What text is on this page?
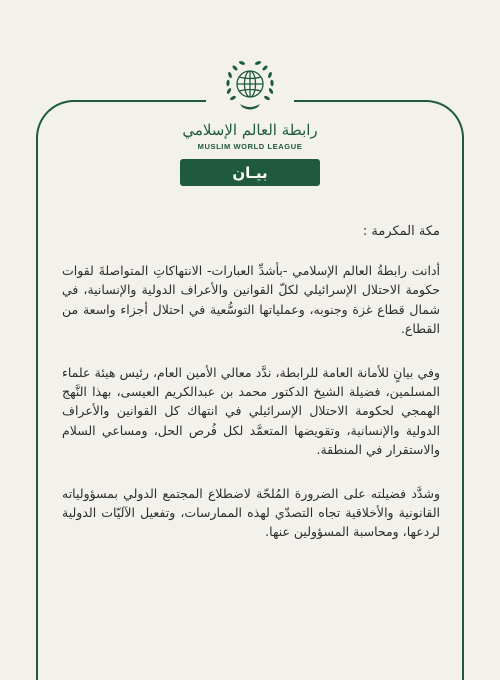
رابطة العالم الإسلامي
MUSLIM WORLD LEAGUE
بيـان

مكة المكرمة :

أدانت رابطةُ العالم الإسلامي -بأشدِّ العبارات- الانتهاكاتِ المتواصلةَ لقوات حكومة الاحتلال الإسرائيلي لكلّ القوانين والأعراف الدولية والإنسانية، في شمال قطاع غزة وجنوبه، وعملياتها التوسُّعية في احتلال أجزاء واسعة من القطاع.

وفي بيانٍ للأمانة العامة للرابطة، ندَّد معالي الأمين العام، رئيس هيئة علماء المسلمين، فضيلة الشيخ الدكتور محمد بن عبدالكريم العيسى، بهذا النَّهج الهمجي لحكومة الاحتلال الإسرائيلي في انتهاك كل القوانين والأعراف الدولية والإنسانية، وتقويضها المتعمَّد لكل فُرص الحل، ومساعي السلام والاستقرار في المنطقة.

وشدَّد فضيلته على الضرورة المُلحّة لاضطلاع المجتمع الدولي بمسؤولياته القانونية والأخلاقية تجاه التصدّي لهذه الممارسات، وتفعيل الآليّات الدولية لردعها، ومحاسبة المسؤولين عنها.
